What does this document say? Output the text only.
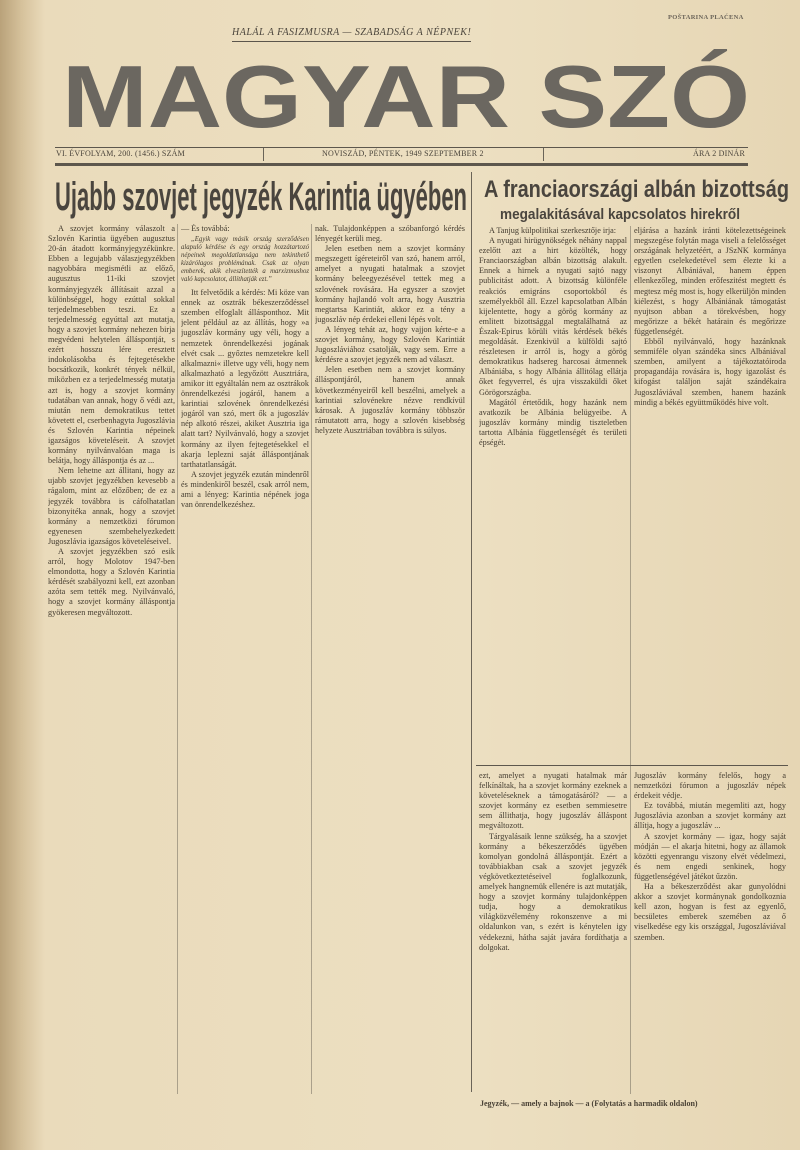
HALÁL A FASIZMUSRA — SZABADSÁG A NÉPNEK!
POŠTARINA PLAĆENA
MAGYAR SZÓ
VI. ÉVFOLYAM, 200. (1456.) SZÁM	NOVISZÁD, PÉNTEK, 1949 SZEPTEMBER 2	ÁRA 2 DINÁR
Ujabb szovjet jegyzék Karintia ügyében

A szovjet kormány válaszolt a Szlovén Karintia ügyében augusztus 20-án átadott kormányjegyzékünkre. Ebben a legujabb válaszjegyzékben nagyobbára megismétli az előző, augusztus 11-iki szovjet kormányjegyzék állításait azzal a különbséggel, hogy ezúttal sokkal terjedelmesebben teszi. Ez a terjedelmesség egyúttal azt mutatja, hogy a szovjet kormány nehezen birja megvédeni helytelen álláspontját, s ezért hosszu lére eresztett indokolásokba és fejtegetésekbe bocsátkozik, konkrét tények nélkül, miközben ez a terjedelmesség mutatja azt is, hogy a szovjet kormány tudatában van annak, hogy ő védi azt, miután nem demokratikus tettet követett el, cserbenhagyta Jugoszlávia és Szlovén Karintia népeinek igazságos követeléseit. A szovjet kormány nyilvánvalóan maga is belátja, hogy álláspontja és az ...

Nem lehetne azt állitani, hogy az ujabb szovjet jegyzékben kevesebb a rágalom, mint az előzőben; de ez a jegyzék továbbra is cáfolhatatlan bizonyitéka annak, hogy a szovjet kormány a nemzetközi fórumon egyenesen szembehelyezkedett Jugoszlávia igazságos követeléseivel.

A szovjet jegyzékben szó esik arról, hogy Molotov 1947-ben elmondotta, hogy a Szlovén Karintia kérdését szabályozni kell, ezt azonban azóta sem tették meg. Nyilvánvaló, hogy a szovjet kormány álláspontja gyökeresen megváltozott.

— És továbbá:

„Egyik vagy másik ország szerződésen alapuló kérdése és egy ország hozzátartozó népeinek megoldatlansága nem tekinthető kizárólagos problémának. Csak az olyan emberek, akik elveszítették a marxizmushoz való kapcsolatot, állíthatják ezt.”

Itt felvetődik a kérdés: Mi köze van ennek az osztrák békeszerződéssel szemben elfoglalt állásponthoz. Mit jelent például az az állítás, hogy »a jugoszláv kormány ugy véli, hogy a nemzetek önrendelkezési jogának elvét csak ... győztes nemzetekre kell alkalmazni« illetve ugy véli, hogy nem alkalmazható a legyőzött Ausztriára, amikor itt egyáltalán nem az osztrákok önrendelkezési jogáról, hanem a karintiai szlovének önrendelkezési jogáról van szó, mert ők a jugoszláv nép alkotó részei, akiket Ausztria iga alatt tart? Nyilvánvaló, hogy a szovjet kormány az ilyen fejtegetésekkel el akarja leplezni saját álláspontjának tarthatatlanságát.

A szovjet jegyzék ezután mindenről és mindenkiről beszél, csak arról nem, ami a lényeg: Karintia népének joga van önrendelkezéshez.

nak. Tulajdonképpen a szóbanforgó kérdés lényegét kerüli meg.

Jelen esetben nem a szovjet kormány megszegett ígéreteiről van szó, hanem arról, amelyet a nyugati hatalmak a szovjet kormány beleegyezésével tettek meg a szlovének rovására. Ha egyszer a szovjet kormány hajlandó volt arra, hogy Ausztria megtartsa Karintiát, akkor ez a tény a jugoszláv nép érdekei elleni lépés volt.

A lényeg tehát az, hogy vajjon kérte-e a szovjet kormány, hogy Szlovén Karintiát Jugoszláviához csatolják, vagy sem. Erre a kérdésre a szovjet jegyzék nem ad választ.

Jelen esetben nem a szovjet kormány álláspontjáról, hanem annak következményeiről kell beszélni, amelyek a karintiai szlovénekre nézve rendkívül károsak. A jugoszláv kormány többször rámutatott arra, hogy a szlovén kisebbség helyzete Ausztriában továbbra is súlyos.

A franciaországi albán bizottság
megalakitásával kapcsolatos hirekről

A Tanjug külpolitikai szerkesztője irja:

A nyugati hirügynökségek néhány nappal ezelőtt azt a hirt közölték, hogy Franciaországban albán bizottság alakult. Ennek a hirnek a nyugati sajtó nagy publicitást adott. A bizottság különféle reakciós emigráns csoportokból és személyekből áll. Ezzel kapcsolatban Albán kijelentette, hogy a görög kormány az emlitett bizottsággal megtalálhatná az Észak-Epirus körüli vitás kérdések békés megoldását. Ezenkivül a külföldi sajtó részletesen ir arról is, hogy a görög demokratikus hadsereg harcosai átmennek Albániába, s hogy Albánia állitólag ellátja őket fegyverrel, és ujra visszaküldi őket Görögországba.

Magától értetődik, hogy hazánk nem avatkozik be Albánia belügyeibe. A jugoszláv kormány mindig tiszteletben tartotta Albánia függetlenségét és területi épségét.

eljárása a hazánk iránti kötelezettségeinek megszegése folytán maga viseli a felelősséget országának helyzetéért, a JSzNK kormánya egyetlen cselekedetével sem élezte ki a viszonyt Albániával, hanem éppen ellenkezőleg, minden erőfeszitést megtett és megtesz még most is, hogy elkerüljön minden kiélezést, s hogy Albániának támogatást nyujtson abban a törekvésben, hogy megőrizze a békét határain és megőrizze függetlenségét.

Ebből nyilvánvaló, hogy hazánknak semmiféle olyan szándéka sincs Albániával szemben, amilyent a tájékoztatóiroda propagandája rovására is, hogy igazolást és kifogást találjon saját szándékaira Jugoszláviával szemben, hanem hazánk mindig a békés együttműködés hive volt.

ezt, amelyet a nyugati hatalmak már felkínáltak, ha a szovjet kormány ezeknek a követeléseknek a támogatásáról? — a szovjet kormány ez esetben semmiesetre sem állithatja, hogy jugoszláv álláspont megváltozott.

Tárgyalásaik lenne szükség, ha a szovjet kormány a békeszerződés ügyében komolyan gondolná álláspontját. Ezért a továbbiakban csak a szovjet jegyzék végkövetkeztetéseivel foglalkozunk, amelyek hangnemük ellenére is azt mutatják, hogy a szovjet kormány tulajdonképpen tudja, hogy a demokratikus világközvélemény rokonszenve a mi oldalunkon van, s ezért is kénytelen igy védekezni, hátha saját javára fordíthatja a dolgokat.

Jugoszláv kormány felelős, hogy a nemzetközi fórumon a jugoszláv népek érdekeit védje.

Ez továbbá, miután megemliti azt, hogy Jugoszlávia azonban a szovjet kormány azt állítja, hogy a jugoszláv ...

A szovjet kormány — igaz, hogy saját módján — el akarja hitetni, hogy az államok közötti egyenrangu viszony elvét védelmezi, és nem engedi senkinek, hogy függetlenségével játékot űzzön.

Ha a békeszerződést akar gunyolódni akkor a szovjet kormánynak gondolkoznia kell azon, hogyan is fest az egyenlő, becsületes emberek szemében az ő viselkedése egy kis országgal, Jugoszláviával szemben.

Jegyzék, — amely a bajnok — a (Folytatás a harmadik oldalon)
